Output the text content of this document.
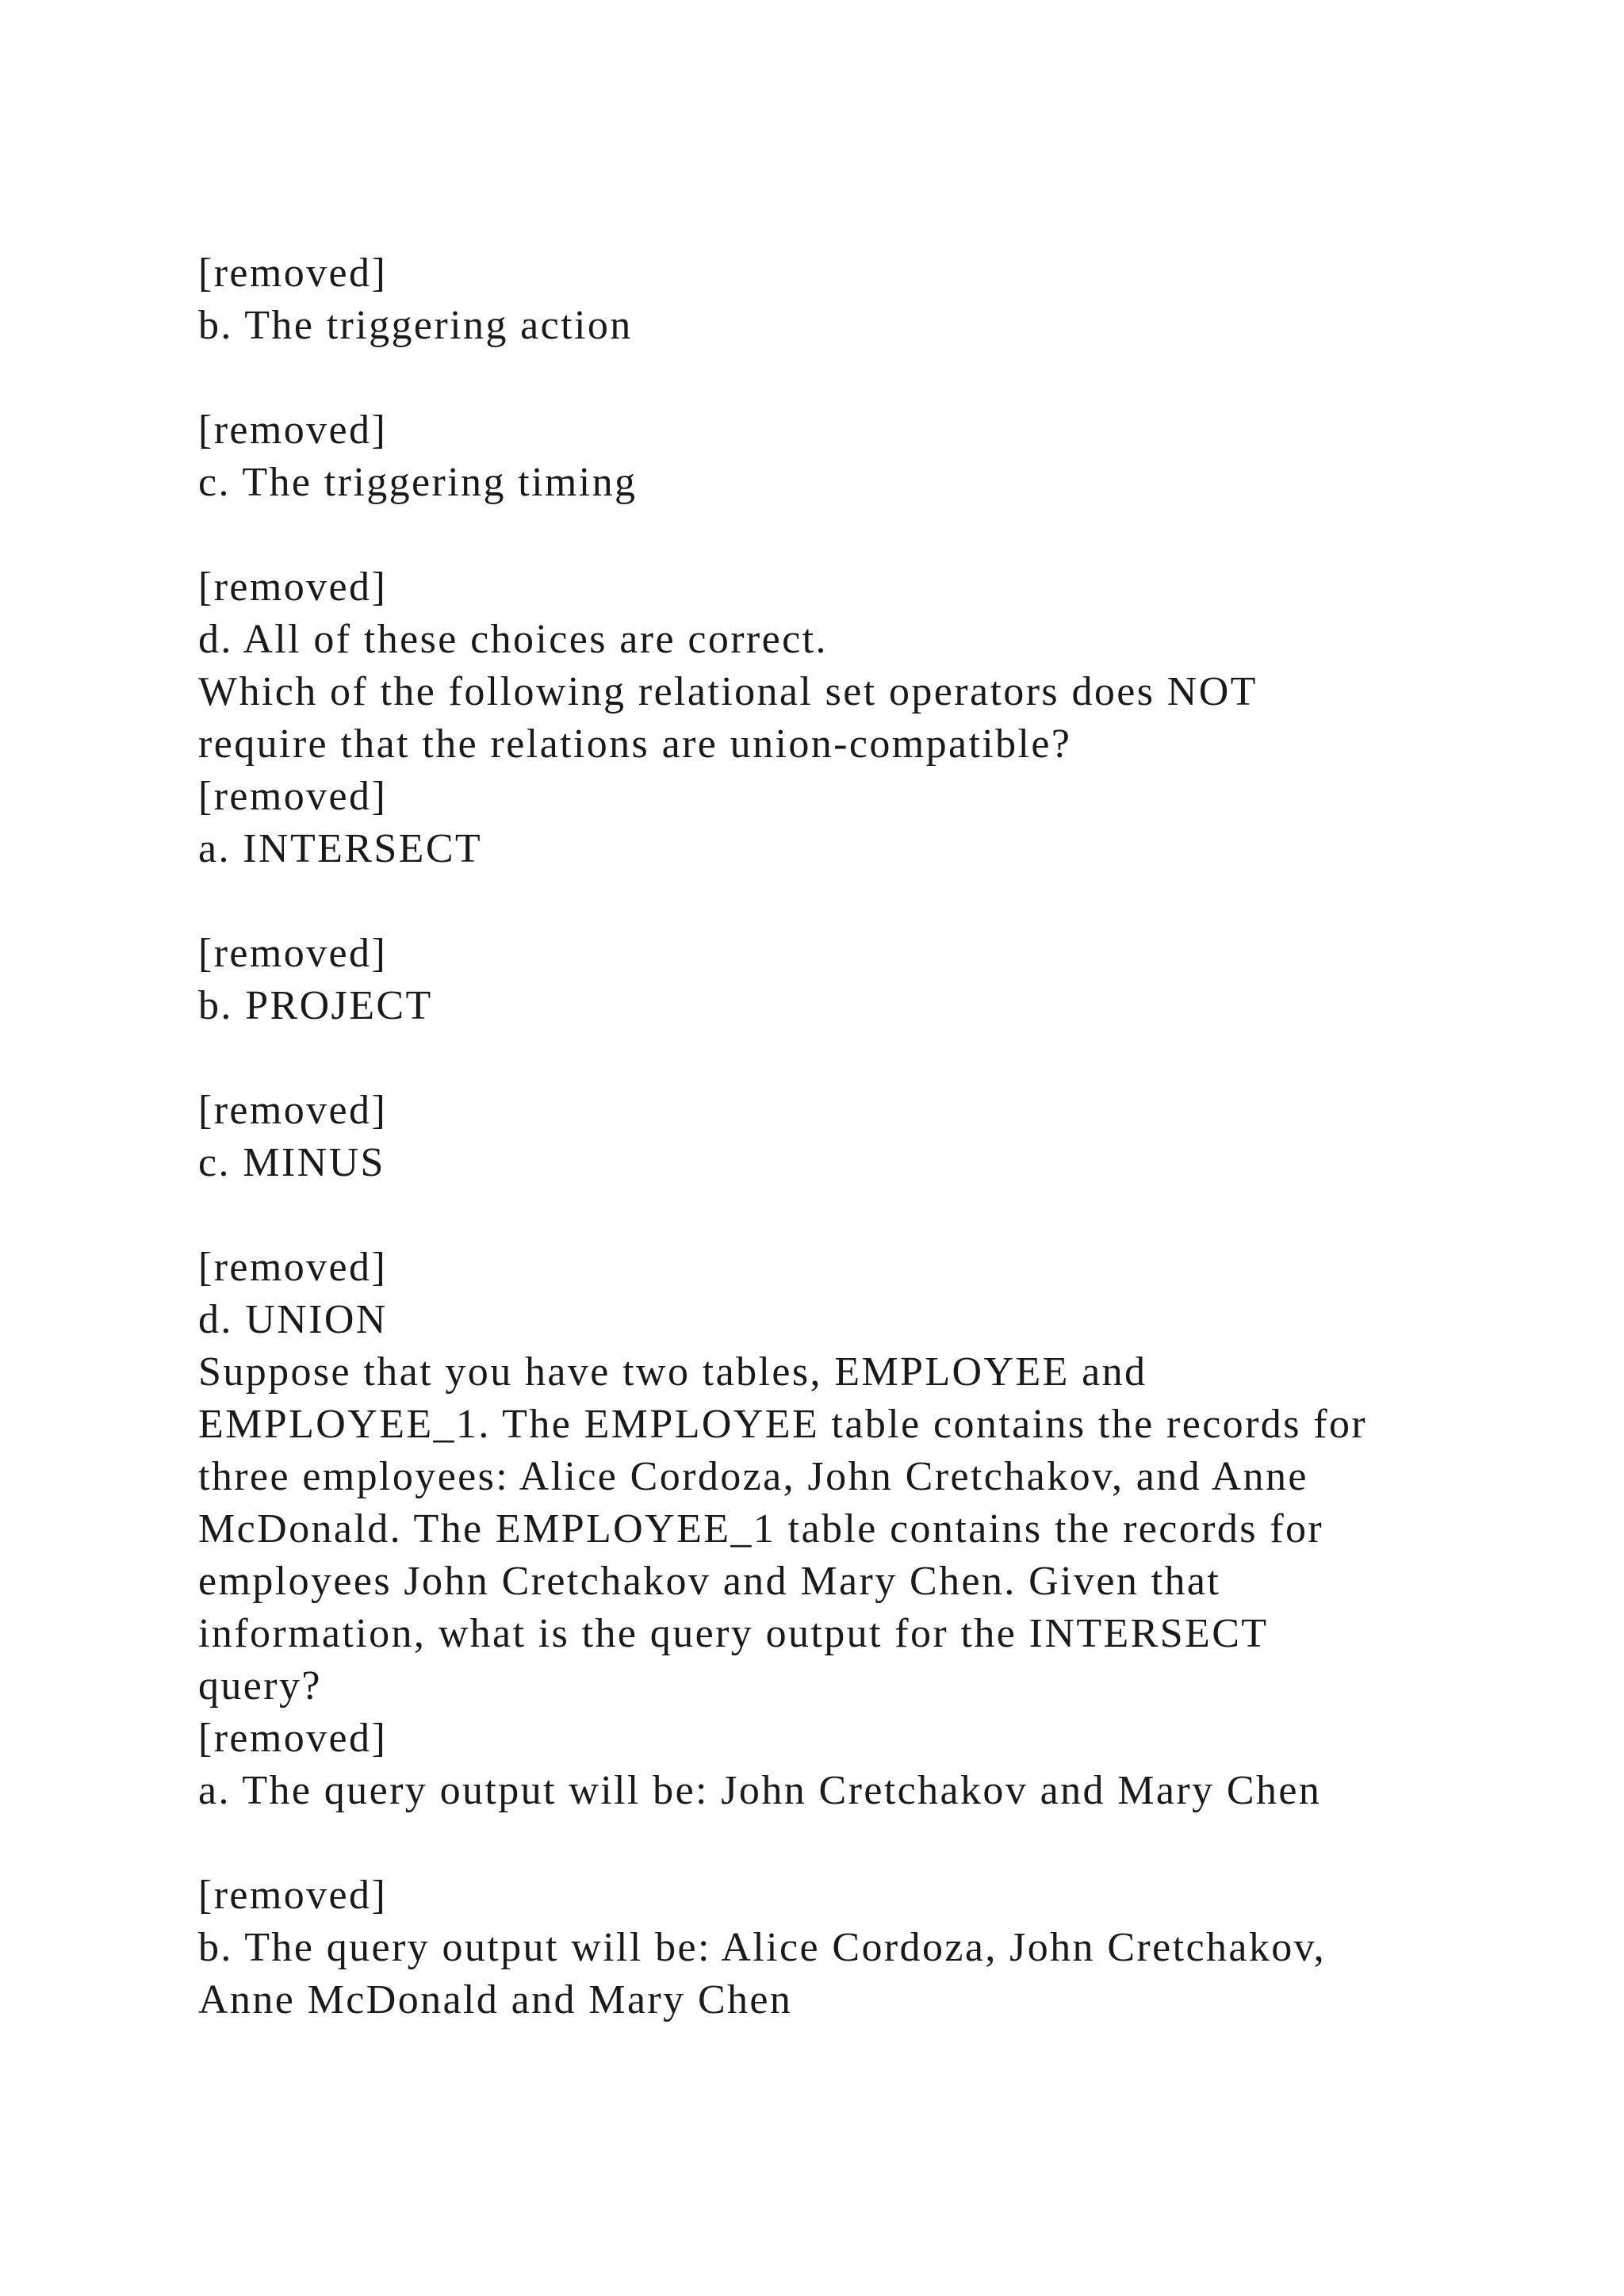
[removed]
b. The triggering action
[removed]
c. The triggering timing
[removed]
d. All of these choices are correct.
Which of the following relational set operators does NOT
require that the relations are union-compatible?
[removed]
a. INTERSECT
[removed]
b. PROJECT
[removed]
c. MINUS
[removed]
d. UNION
Suppose that you have two tables, EMPLOYEE and
EMPLOYEE_1. The EMPLOYEE table contains the records for
three employees: Alice Cordoza, John Cretchakov, and Anne
McDonald. The EMPLOYEE_1 table contains the records for
employees John Cretchakov and Mary Chen. Given that
information, what is the query output for the INTERSECT
query?
[removed]
a. The query output will be: John Cretchakov and Mary Chen
[removed]
b. The query output will be: Alice Cordoza, John Cretchakov,
Anne McDonald and Mary Chen
